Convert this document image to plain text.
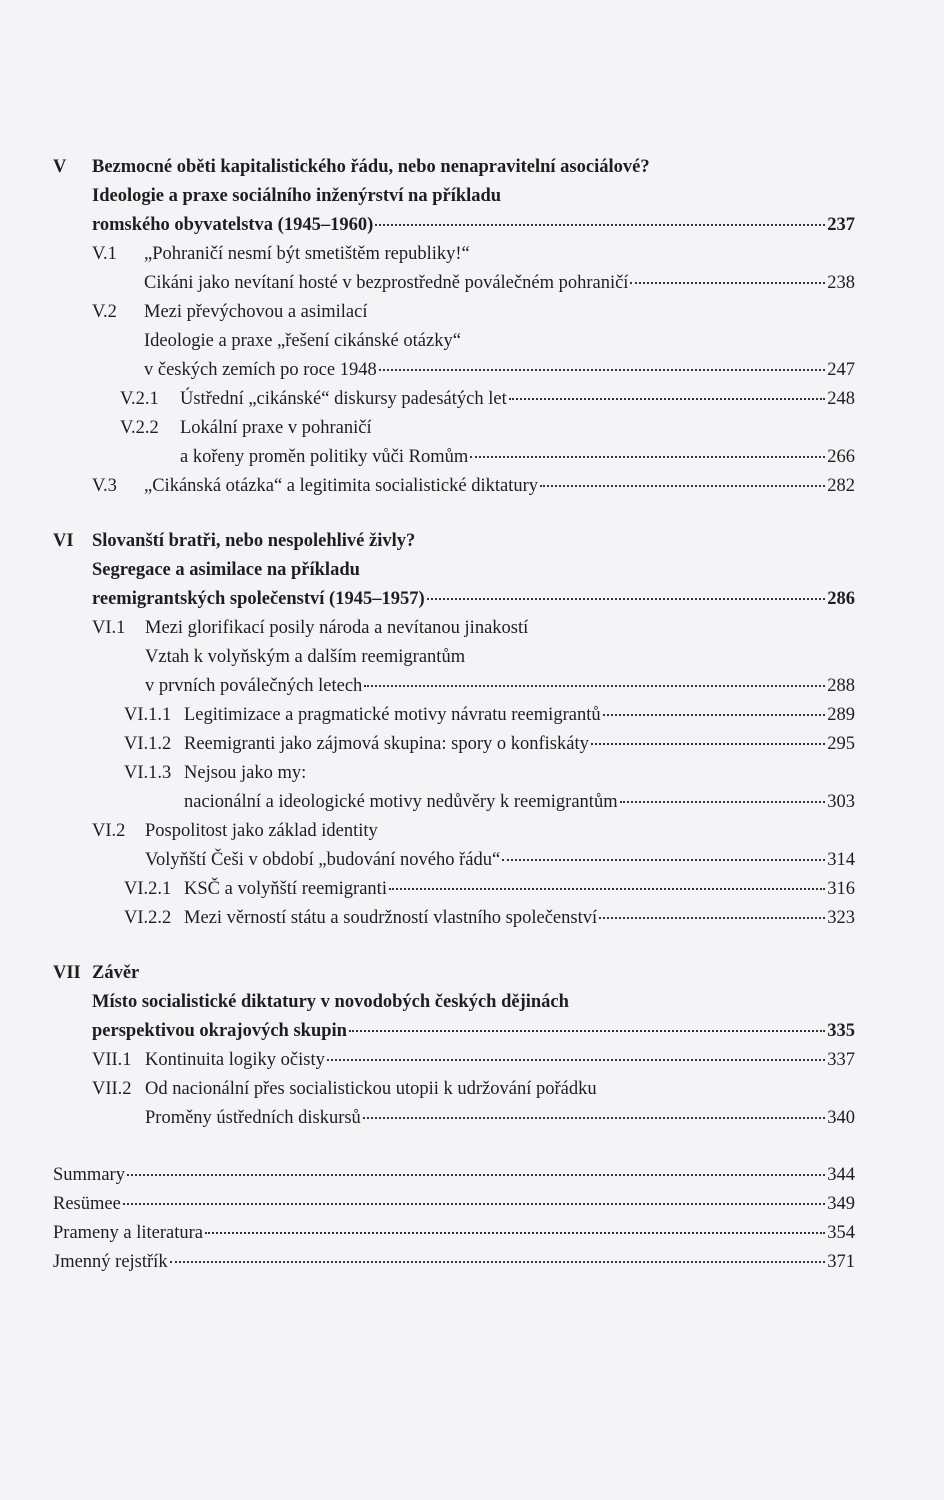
V	Bezmocné oběti kapitalistického řádu, nebo nenapravitelní asociálové?
Ideologie a praxe sociálního inženýrství na příkladu
romského obyvatelstva (1945–1960)	237
V.1	„Pohraničí nesmí být smetištěm republiky!“
Cikáni jako nevítaní hosté v bezprostředně poválečném pohraničí	238
V.2	Mezi převýchovou a asimilací
Ideologie a praxe „řešení cikánské otázky“
v českých zemích po roce 1948	247
V.2.1	Ústřední „cikánské“ diskursy padesátých let	248
V.2.2	Lokální praxe v pohraničí
a kořeny proměn politiky vůči Romům	266
V.3	„Cikánská otázka“ a legitimita socialistické diktatury	282
VI Slovanští bratři, nebo nespolehlivé živly?
Segregace a asimilace na příkladu
reemigrantských společenství (1945–1957)	286
VI.1	Mezi glorifikací posily národa a nevítanou jinakostí
Vztah k volyňským a dalším reemigrantům
v prvních poválečných letech	288
VI.1.1 Legitimizace a pragmatické motivy návratu reemigrantů	289
VI.1.2 Reemigranti jako zájmová skupina: spory o konfiskáty	295
VI.1.3 Nejsou jako my:
nacionální a ideologické motivy nedůvěry k reemigrantům	303
VI.2	Pospolitost jako základ identity
Volyňští Češi v období „budování nového řádu“	314
VI.2.1 KSČ a volyňští reemigranti	316
VI.2.2 Mezi věrností státu a soudržností vlastního společenství	323
VII Závěr
Místo socialistické diktatury v novodobých českých dějinách
perspektivou okrajových skupin	335
VII.1 Kontinuita logiky očisty	337
VII.2 Od nacionální přes socialistickou utopii k udržování pořádku
Proměny ústředních diskursů	340
Summary	344
Resümee	349
Prameny a literatura	354
Jmenný rejstřík	371
